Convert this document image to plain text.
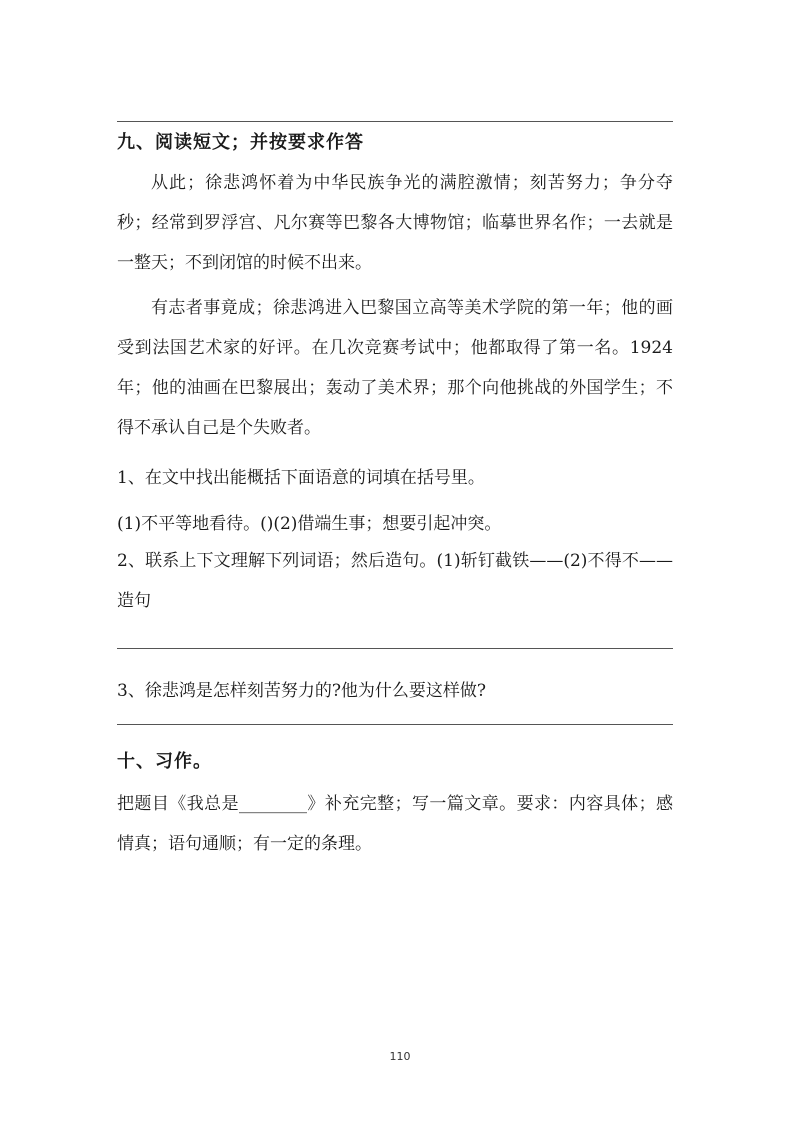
九、阅读短文；并按要求作答

从此；徐悲鸿怀着为中华民族争光的满腔激情；刻苦努力；争分夺秒；经常到罗浮宫、凡尔赛等巴黎各大博物馆；临摹世界名作；一去就是一整天；不到闭馆的时候不出来。

有志者事竟成；徐悲鸿进入巴黎国立高等美术学院的第一年；他的画受到法国艺术家的好评。在几次竞赛考试中；他都取得了第一名。1924 年；他的油画在巴黎展出；轰动了美术界；那个向他挑战的外国学生；不得不承认自己是个失败者。

1、在文中找出能概括下面语意的词填在括号里。
(1)不平等地看待。()(2)借端生事；想要引起冲突。

2、联系上下文理解下列词语；然后造句。(1)斩钉截铁——(2)不得不——造句

3、徐悲鸿是怎样刻苦努力的?他为什么要这样做?
十、习作。

把题目《我总是________》补充完整；写一篇文章。要求：内容具体；感情真；语句通顺；有一定的条理。

110
